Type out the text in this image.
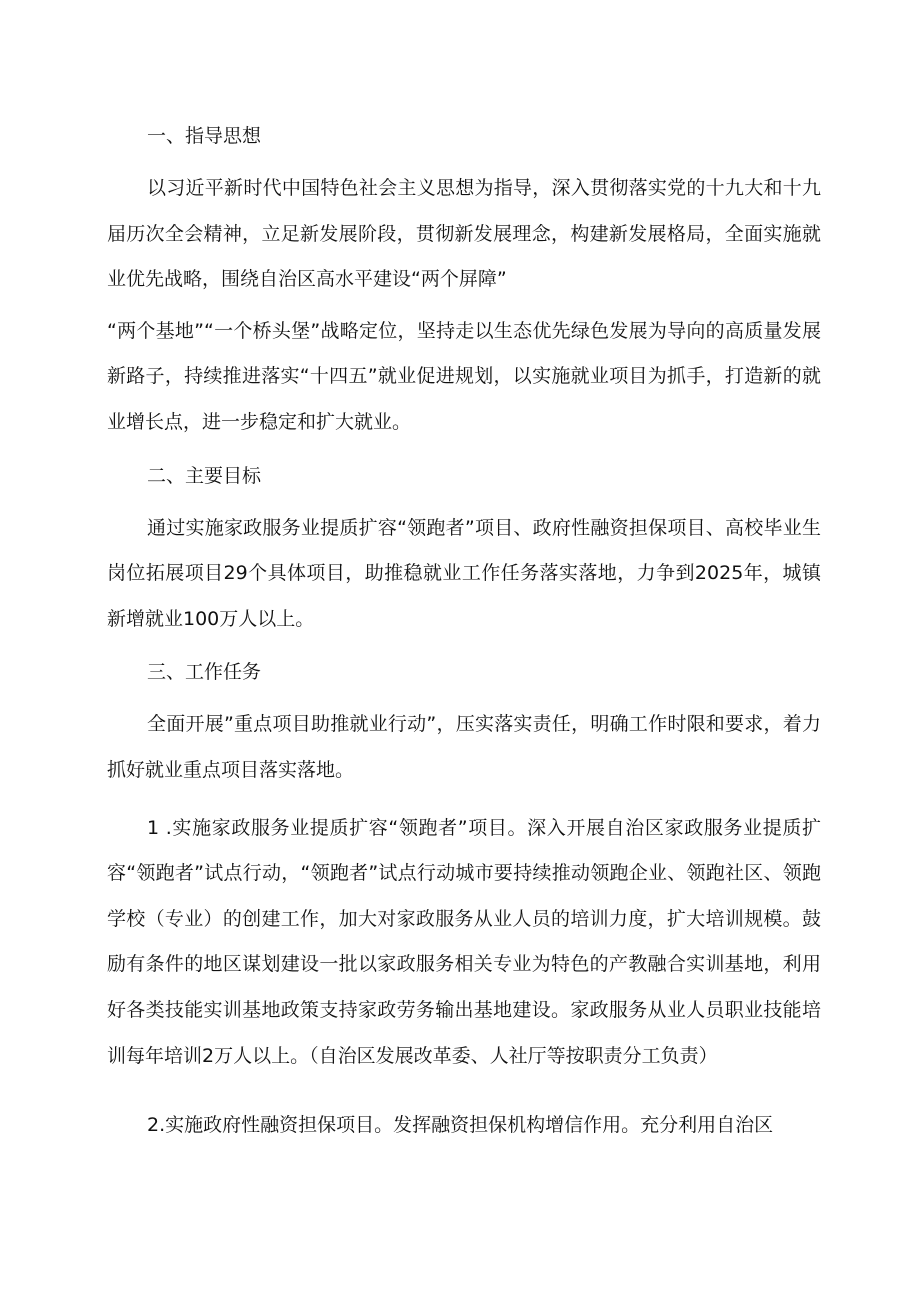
一、指导思想

以习近平新时代中国特色社会主义思想为指导，深入贯彻落实党的十九大和十九届历次全会精神，立足新发展阶段，贯彻新发展理念，构建新发展格局，全面实施就业优先战略，围绕自治区高水平建设“两个屏障”

“两个基地”“一个桥头堡”战略定位，坚持走以生态优先绿色发展为导向的高质量发展新路子，持续推进落实“十四五”就业促进规划，以实施就业项目为抓手，打造新的就业增长点，进一步稳定和扩大就业。

二、主要目标

通过实施家政服务业提质扩容“领跑者”项目、政府性融资担保项目、高校毕业生岗位拓展项目29个具体项目，助推稳就业工作任务落实落地，力争到2025年，城镇新增就业100万人以上。

三、工作任务

全面开展”重点项目助推就业行动”，压实落实责任，明确工作时限和要求，着力抓好就业重点项目落实落地。

1 .实施家政服务业提质扩容“领跑者”项目。深入开展自治区家政服务业提质扩容“领跑者”试点行动，“领跑者”试点行动城市要持续推动领跑企业、领跑社区、领跑学校（专业）的创建工作，加大对家政服务从业人员的培训力度，扩大培训规模。鼓励有条件的地区谋划建设一批以家政服务相关专业为特色的产教融合实训基地，利用好各类技能实训基地政策支持家政劳务输出基地建设。家政服务从业人员职业技能培训每年培训2万人以上。（自治区发展改革委、人社厅等按职责分工负责）

2.实施政府性融资担保项目。发挥融资担保机构增信作用。充分利用自治区
